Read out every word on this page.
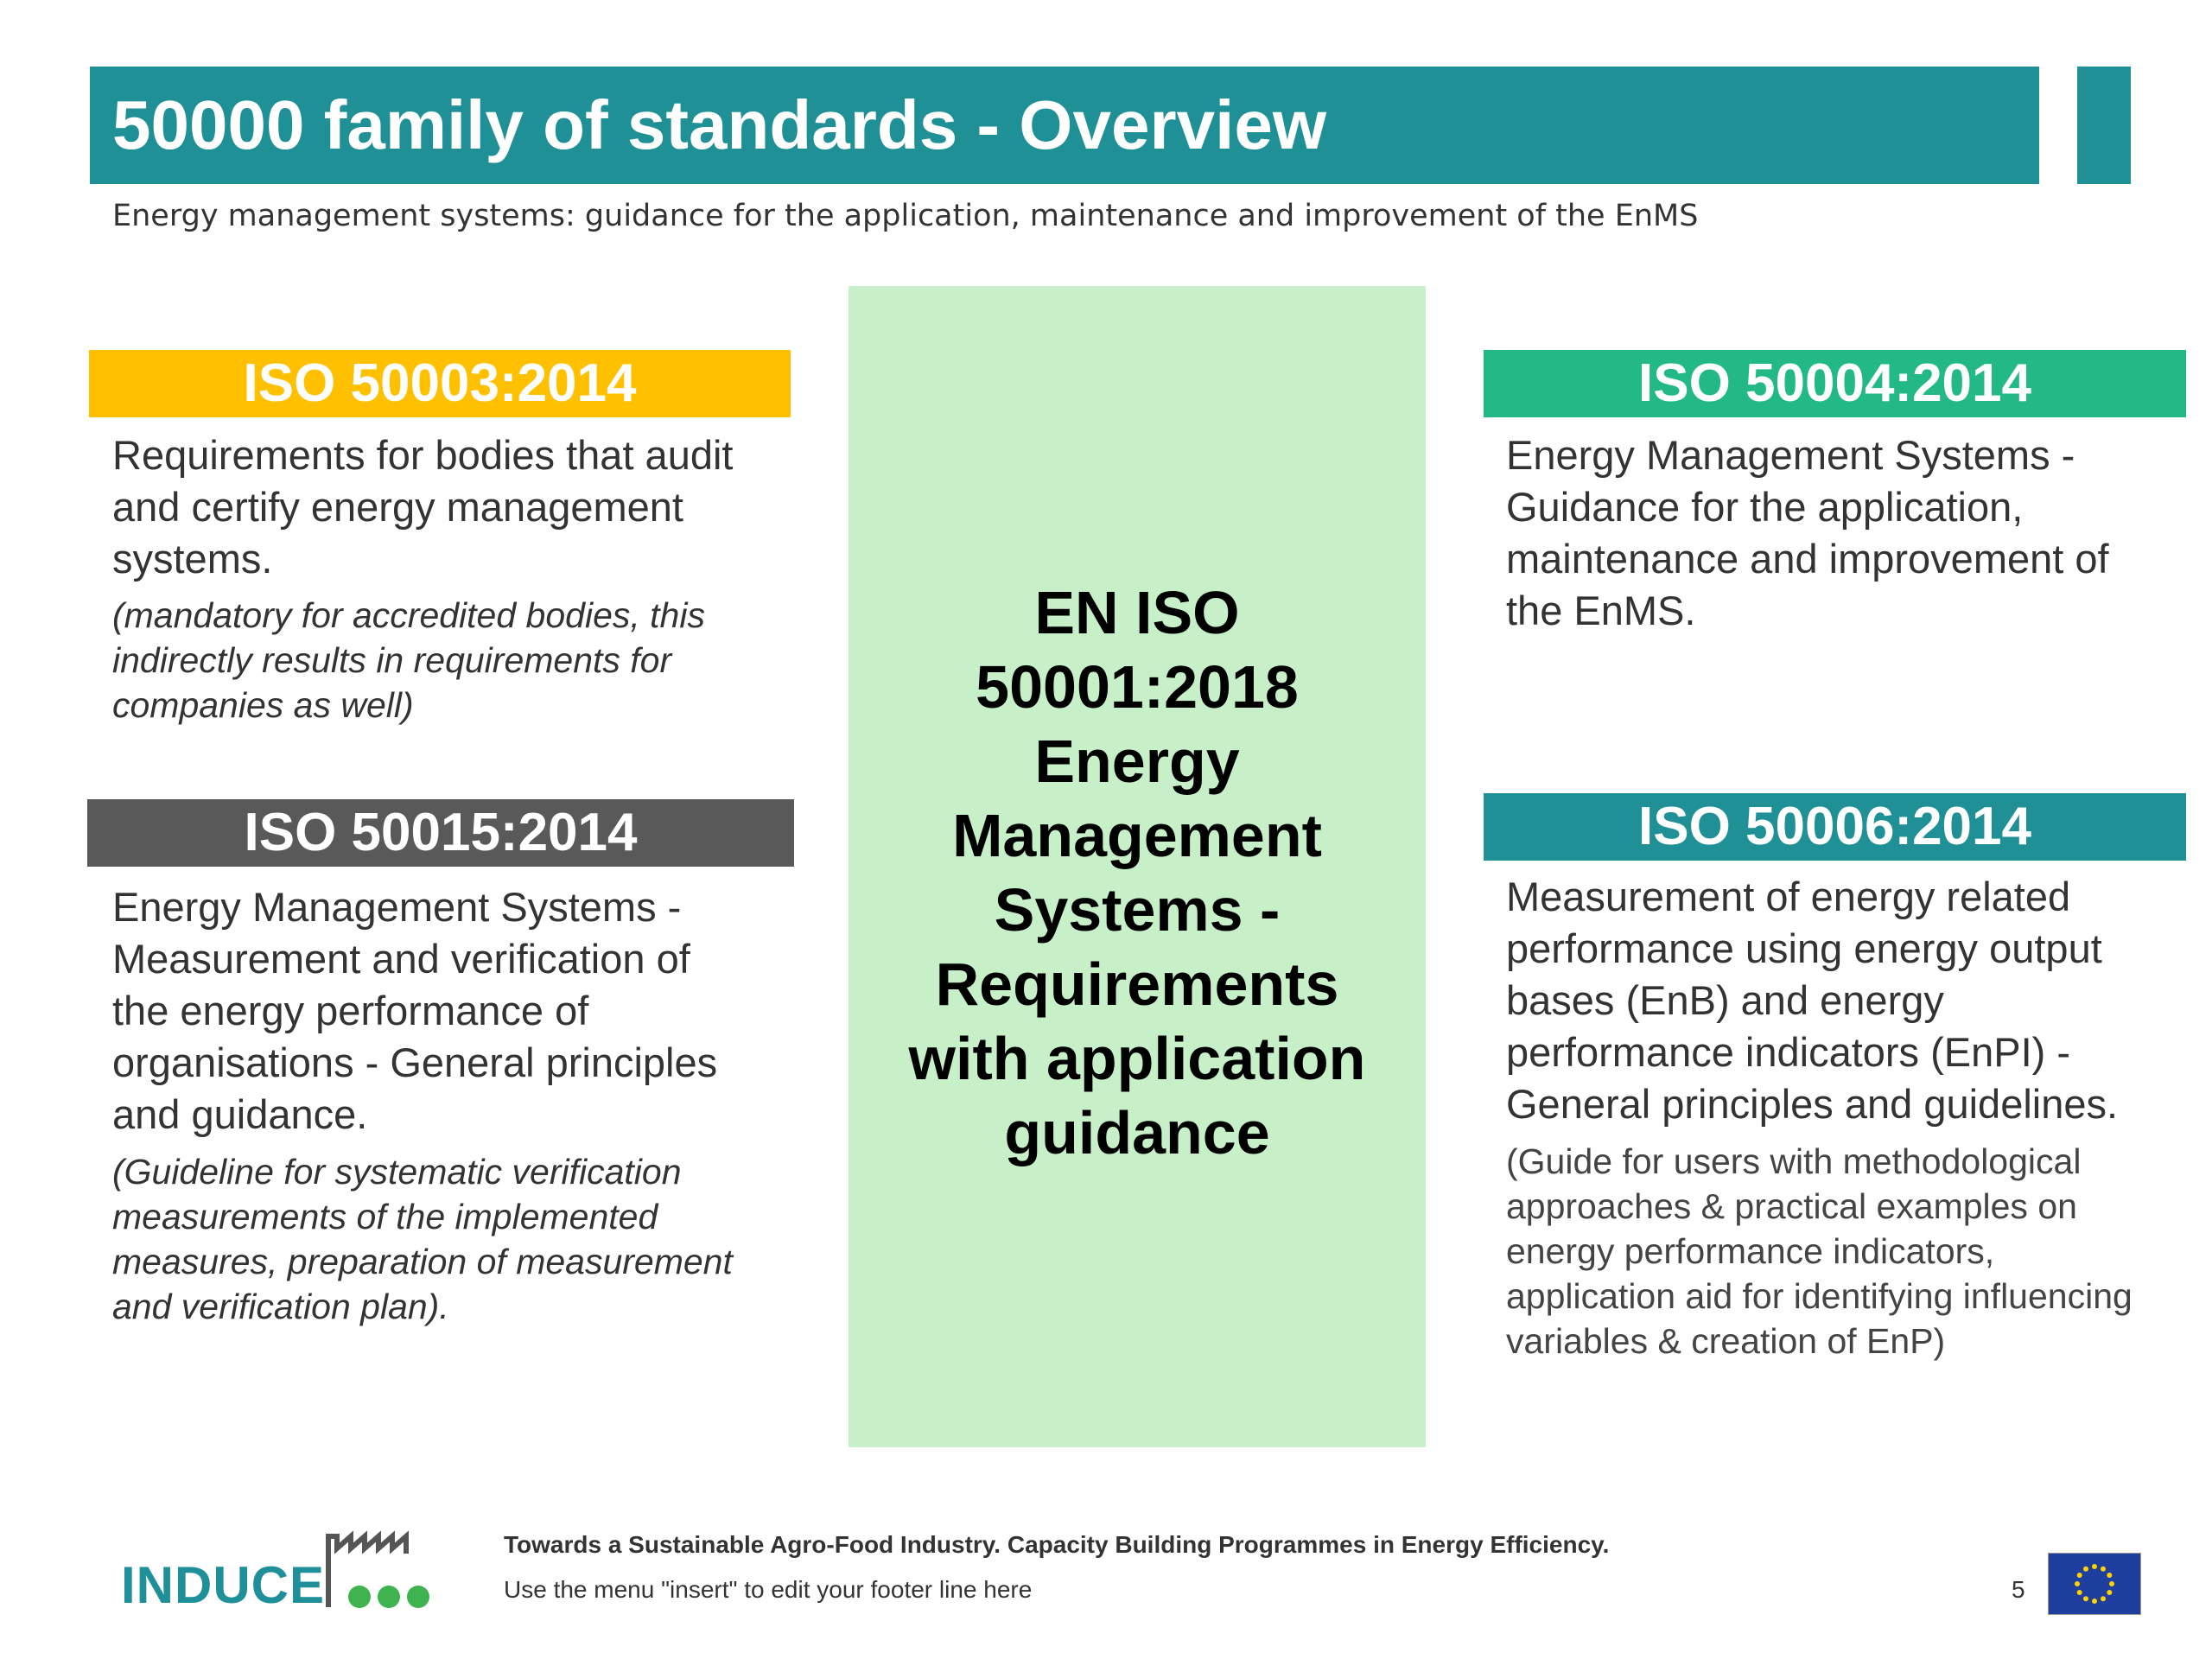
50000 family of standards - Overview
Energy management systems: guidance for the application, maintenance and improvement of the EnMS
EN ISO
50001:2018
Energy
Management
Systems -
Requirements
with application
guidance
ISO 50003:2014
Requirements for bodies that audit
and certify energy management
systems.
(mandatory for accredited bodies, this
indirectly results in requirements for
companies as well)
ISO 50015:2014
Energy Management Systems -
Measurement and verification of
the energy performance of
organisations - General principles
and guidance.
(Guideline for systematic verification
measurements of the implemented
measures, preparation of measurement
and verification plan).
ISO 50004:2014
Energy Management Systems -
Guidance for the application,
maintenance and improvement of
the EnMS.
ISO 50006:2014
Measurement of energy related
performance using energy output
bases (EnB) and energy
performance indicators (EnPI) -
General principles and guidelines.
(Guide for users with methodological
approaches & practical examples on
energy performance indicators,
application aid for identifying influencing
variables & creation of EnP)
INDUCE
Towards a Sustainable Agro-Food Industry. Capacity Building Programmes in Energy Efficiency.
Use the menu "insert" to edit your footer line here	5
